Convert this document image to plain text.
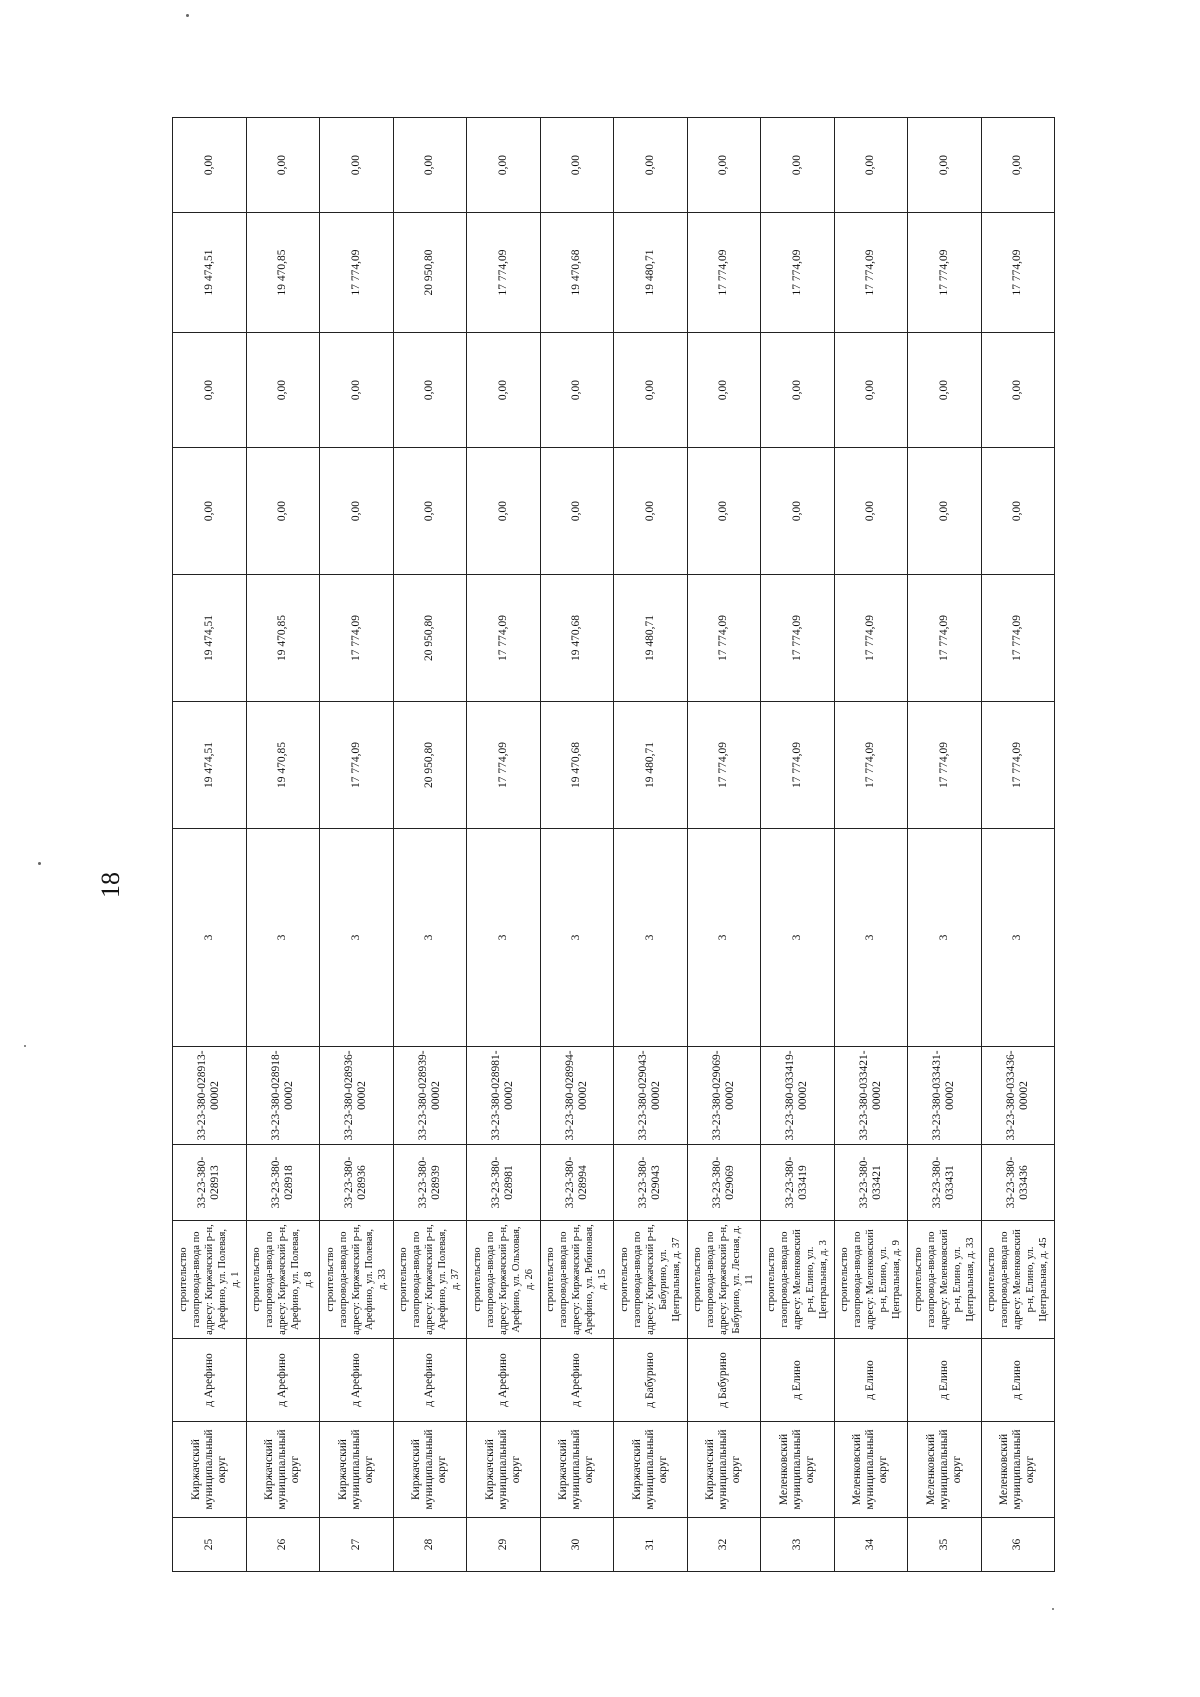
18
25	Киржачский муниципальный округ	д Арефино	строительство газопровода-ввода по адресу: Киржачский р-н, Арефино, ул. Полевая, д. 1	33-23-380-028913	33-23-380-028913-00002	3	19 474,51	19 474,51	0,00	0,00	19 474,51	0,00
26	Киржачский муниципальный округ	д Арефино	строительство газопровода-ввода по адресу: Киржачский р-н, Арефино, ул. Полевая, д. 8	33-23-380-028918	33-23-380-028918-00002	3	19 470,85	19 470,85	0,00	0,00	19 470,85	0,00
27	Киржачский муниципальный округ	д Арефино	строительство газопровода-ввода по адресу: Киржачский р-н, Арефино, ул. Полевая, д. 33	33-23-380-028936	33-23-380-028936-00002	3	17 774,09	17 774,09	0,00	0,00	17 774,09	0,00
28	Киржачский муниципальный округ	д Арефино	строительство газопровода-ввода по адресу: Киржачский р-н, Арефино, ул. Полевая, д. 37	33-23-380-028939	33-23-380-028939-00002	3	20 950,80	20 950,80	0,00	0,00	20 950,80	0,00
29	Киржачский муниципальный округ	д Арефино	строительство газопровода-ввода по адресу: Киржачский р-н, Арефино, ул. Ольховая, д. 26	33-23-380-028981	33-23-380-028981-00002	3	17 774,09	17 774,09	0,00	0,00	17 774,09	0,00
30	Киржачский муниципальный округ	д Арефино	строительство газопровода-ввода по адресу: Киржачский р-н, Арефино, ул. Рябиновая, д. 15	33-23-380-028994	33-23-380-028994-00002	3	19 470,68	19 470,68	0,00	0,00	19 470,68	0,00
31	Киржачский муниципальный округ	д Бабурино	строительство газопровода-ввода по адресу: Киржачский р-н, Бабурино, ул. Центральная, д. 37	33-23-380-029043	33-23-380-029043-00002	3	19 480,71	19 480,71	0,00	0,00	19 480,71	0,00
32	Киржачский муниципальный округ	д Бабурино	строительство газопровода-ввода по адресу: Киржачский р-н, Бабурино, ул. Лесная, д. 11	33-23-380-029069	33-23-380-029069-00002	3	17 774,09	17 774,09	0,00	0,00	17 774,09	0,00
33	Меленковский муниципальный округ	д Елино	строительство газопровода-ввода по адресу: Меленковский р-н, Елино, ул. Центральная, д. 3	33-23-380-033419	33-23-380-033419-00002	3	17 774,09	17 774,09	0,00	0,00	17 774,09	0,00
34	Меленковский муниципальный округ	д Елино	строительство газопровода-ввода по адресу: Меленковский р-н, Елино, ул. Центральная, д. 9	33-23-380-033421	33-23-380-033421-00002	3	17 774,09	17 774,09	0,00	0,00	17 774,09	0,00
35	Меленковский муниципальный округ	д Елино	строительство газопровода-ввода по адресу: Меленковский р-н, Елино, ул. Центральная, д. 33	33-23-380-033431	33-23-380-033431-00002	3	17 774,09	17 774,09	0,00	0,00	17 774,09	0,00
36	Меленковский муниципальный округ	д Елино	строительство газопровода-ввода по адресу: Меленковский р-н, Елино, ул. Центральная, д. 45	33-23-380-033436	33-23-380-033436-00002	3	17 774,09	17 774,09	0,00	0,00	17 774,09	0,00
